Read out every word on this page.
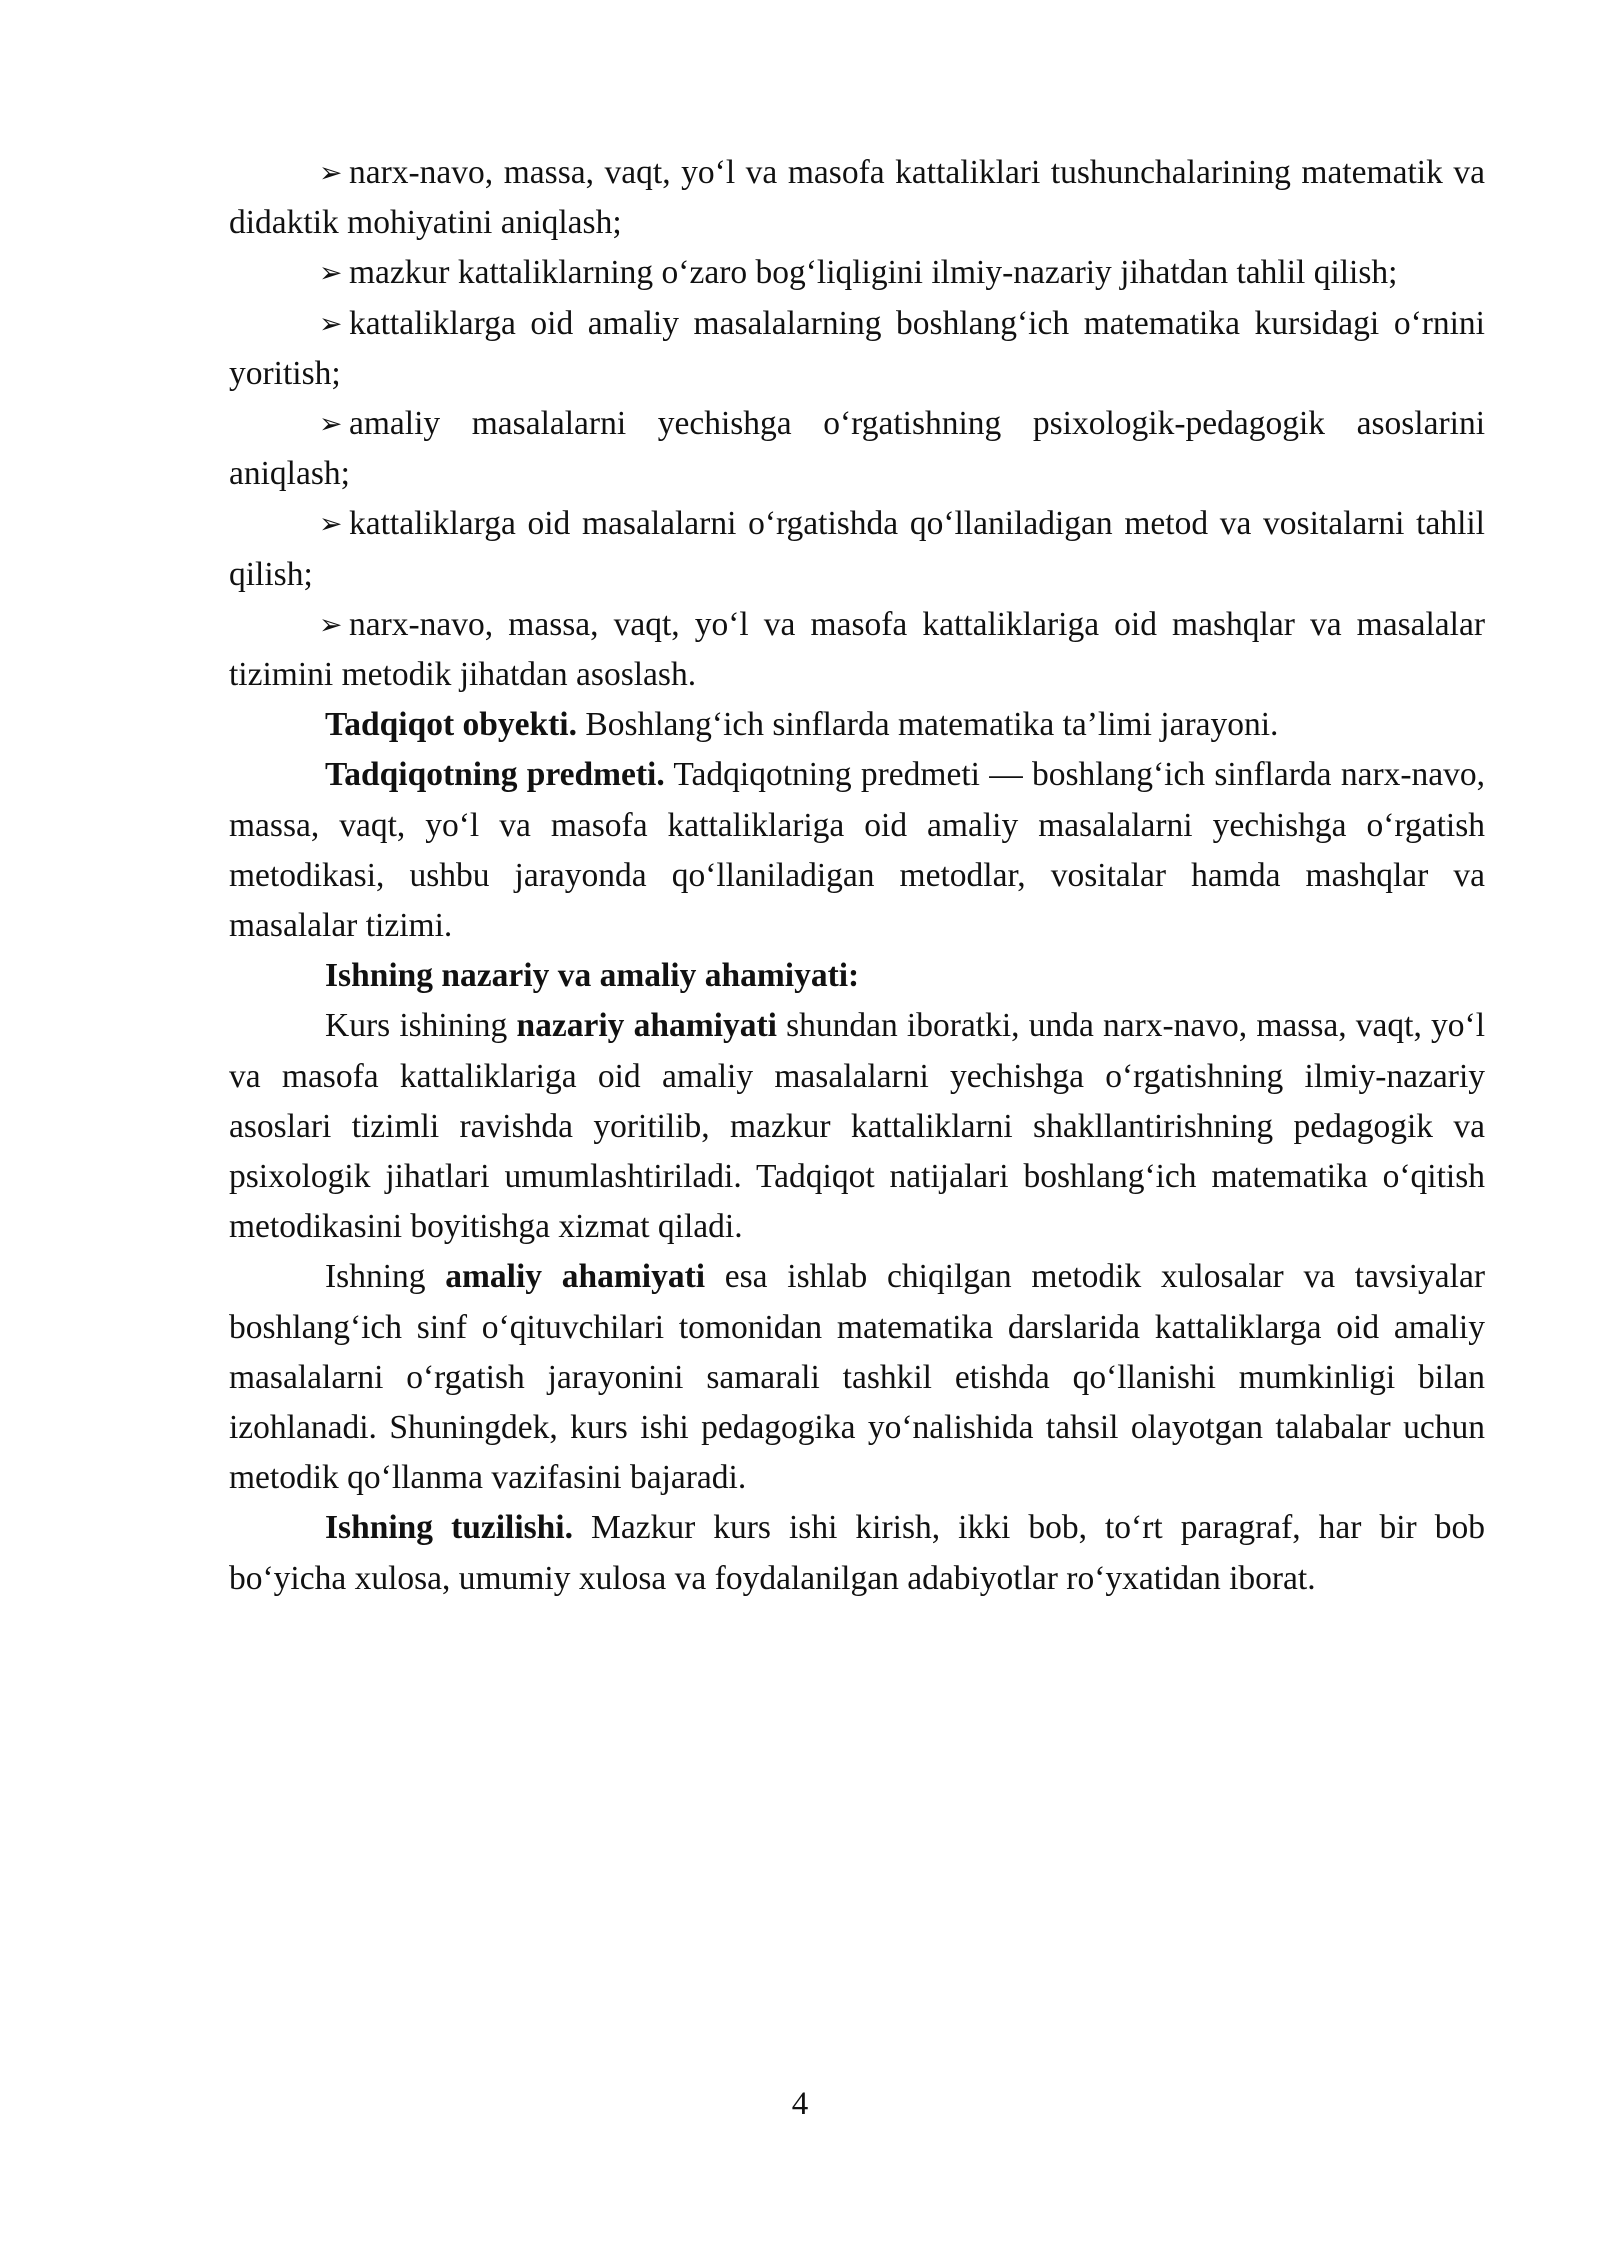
➢ narx-navo, massa, vaqt, yo‘l va masofa kattaliklari tushunchalarining matematik va didaktik mohiyatini aniqlash;

➢ mazkur kattaliklarning o‘zaro bog‘liqligini ilmiy-nazariy jihatdan tahlil qilish;

➢ kattaliklarga oid amaliy masalalarning boshlang‘ich matematika kursidagi o‘rnini yoritish;

➢ amaliy masalalarni yechishga o‘rgatishning psixologik-pedagogik asoslarini aniqlash;

➢ kattaliklarga oid masalalarni o‘rgatishda qo‘llaniladigan metod va vositalarni tahlil qilish;

➢ narx-navo, massa, vaqt, yo‘l va masofa kattaliklariga oid mashqlar va masalalar tizimini metodik jihatdan asoslash.

Tadqiqot obyekti. Boshlang‘ich sinflarda matematika ta’limi jarayoni.

Tadqiqotning predmeti. Tadqiqotning predmeti — boshlang‘ich sinflarda narx-navo, massa, vaqt, yo‘l va masofa kattaliklariga oid amaliy masalalarni yechishga o‘rgatish metodikasi, ushbu jarayonda qo‘llaniladigan metodlar, vositalar hamda mashqlar va masalalar tizimi.

Ishning nazariy va amaliy ahamiyati:

Kurs ishining nazariy ahamiyati shundan iboratki, unda narx-navo, massa, vaqt, yo‘l va masofa kattaliklariga oid amaliy masalalarni yechishga o‘rgatishning ilmiy-nazariy asoslari tizimli ravishda yoritilib, mazkur kattaliklarni shakllantirishning pedagogik va psixologik jihatlari umumlashtiriladi. Tadqiqot natijalari boshlang‘ich matematika o‘qitish metodikasini boyitishga xizmat qiladi.

Ishning amaliy ahamiyati esa ishlab chiqilgan metodik xulosalar va tavsiyalar boshlang‘ich sinf o‘qituvchilari tomonidan matematika darslarida kattaliklarga oid amaliy masalalarni o‘rgatish jarayonini samarali tashkil etishda qo‘llanishi mumkinligi bilan izohlanadi. Shuningdek, kurs ishi pedagogika yo‘nalishida tahsil olayotgan talabalar uchun metodik qo‘llanma vazifasini bajaradi.

Ishning tuzilishi. Mazkur kurs ishi kirish, ikki bob, to‘rt paragraf, har bir bob bo‘yicha xulosa, umumiy xulosa va foydalanilgan adabiyotlar ro‘yxatidan iborat.

4
